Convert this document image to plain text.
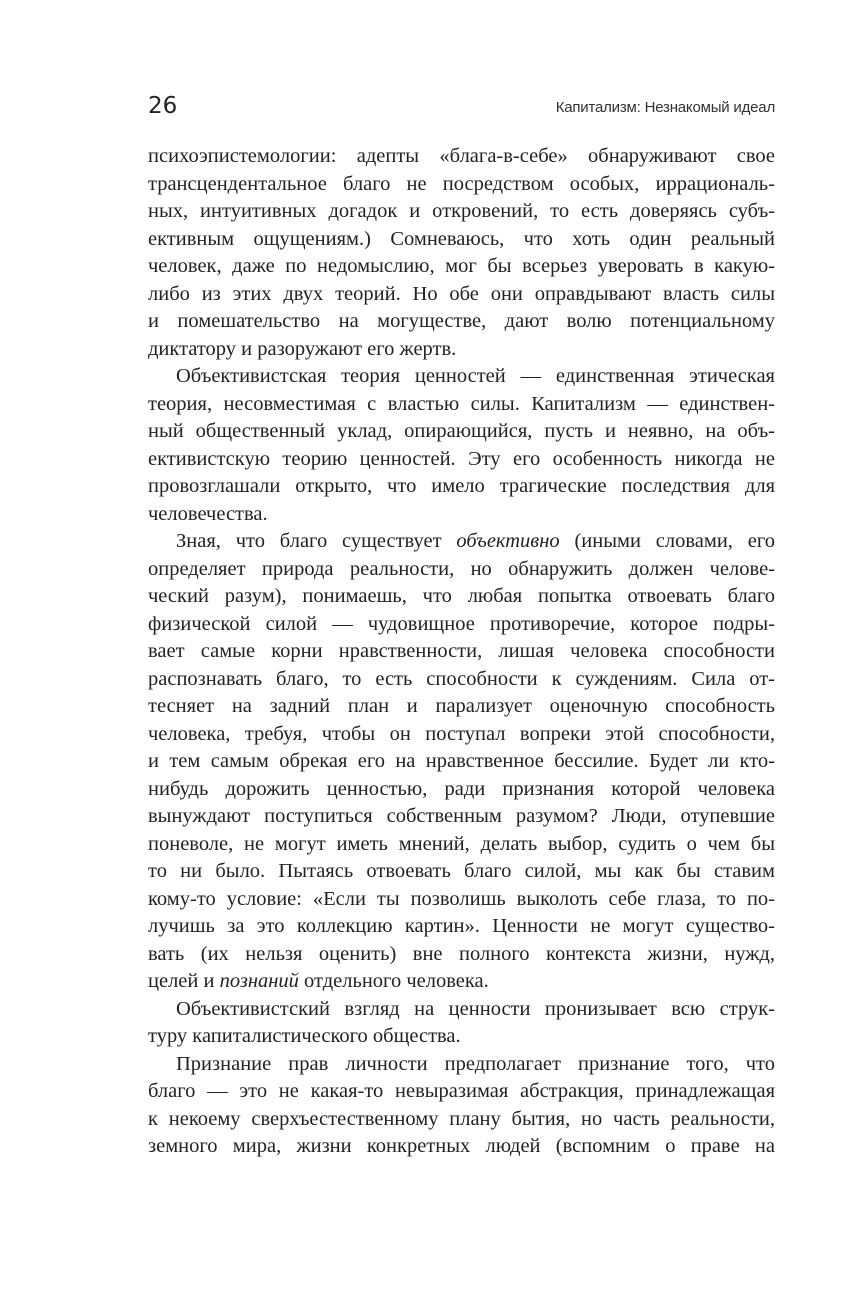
26	Капитализм: Незнакомый идеал
психоэпистемологии: адепты «блага-в-себе» обнаруживают свое
трансцендентальное благо не посредством особых, иррациональ-
ных, интуитивных догадок и откровений, то есть доверяясь субъ-
ективным ощущениям.) Сомневаюсь, что хоть один реальный
человек, даже по недомыслию, мог бы всерьез уверовать в какую-
либо из этих двух теорий. Но обе они оправдывают власть силы
и помешательство на могуществе, дают волю потенциальному
диктатору и разоружают его жертв.
Объективистская теория ценностей — единственная этическая
теория, несовместимая с властью силы. Капитализм — единствен-
ный общественный уклад, опирающийся, пусть и неявно, на объ-
ективистскую теорию ценностей. Эту его особенность никогда не
провозглашали открыто, что имело трагические последствия для
человечества.
Зная, что благо существует объективно (иными словами, его
определяет природа реальности, но обнаружить должен челове-
ческий разум), понимаешь, что любая попытка отвоевать благо
физической силой — чудовищное противоречие, которое подры-
вает самые корни нравственности, лишая человека способности
распознавать благо, то есть способности к суждениям. Сила от-
тесняет на задний план и парализует оценочную способность
человека, требуя, чтобы он поступал вопреки этой способности,
и тем самым обрекая его на нравственное бессилие. Будет ли кто-
нибудь дорожить ценностью, ради признания которой человека
вынуждают поступиться собственным разумом? Люди, отупевшие
поневоле, не могут иметь мнений, делать выбор, судить о чем бы
то ни было. Пытаясь отвоевать благо силой, мы как бы ставим
кому-то условие: «Если ты позволишь выколоть себе глаза, то по-
лучишь за это коллекцию картин». Ценности не могут существо-
вать (их нельзя оценить) вне полного контекста жизни, нужд,
целей и познаний отдельного человека.
Объективистский взгляд на ценности пронизывает всю струк-
туру капиталистического общества.
Признание прав личности предполагает признание того, что
благо — это не какая-то невыразимая абстракция, принадлежащая
к некоему сверхъестественному плану бытия, но часть реальности,
земного мира, жизни конкретных людей (вспомним о праве на
